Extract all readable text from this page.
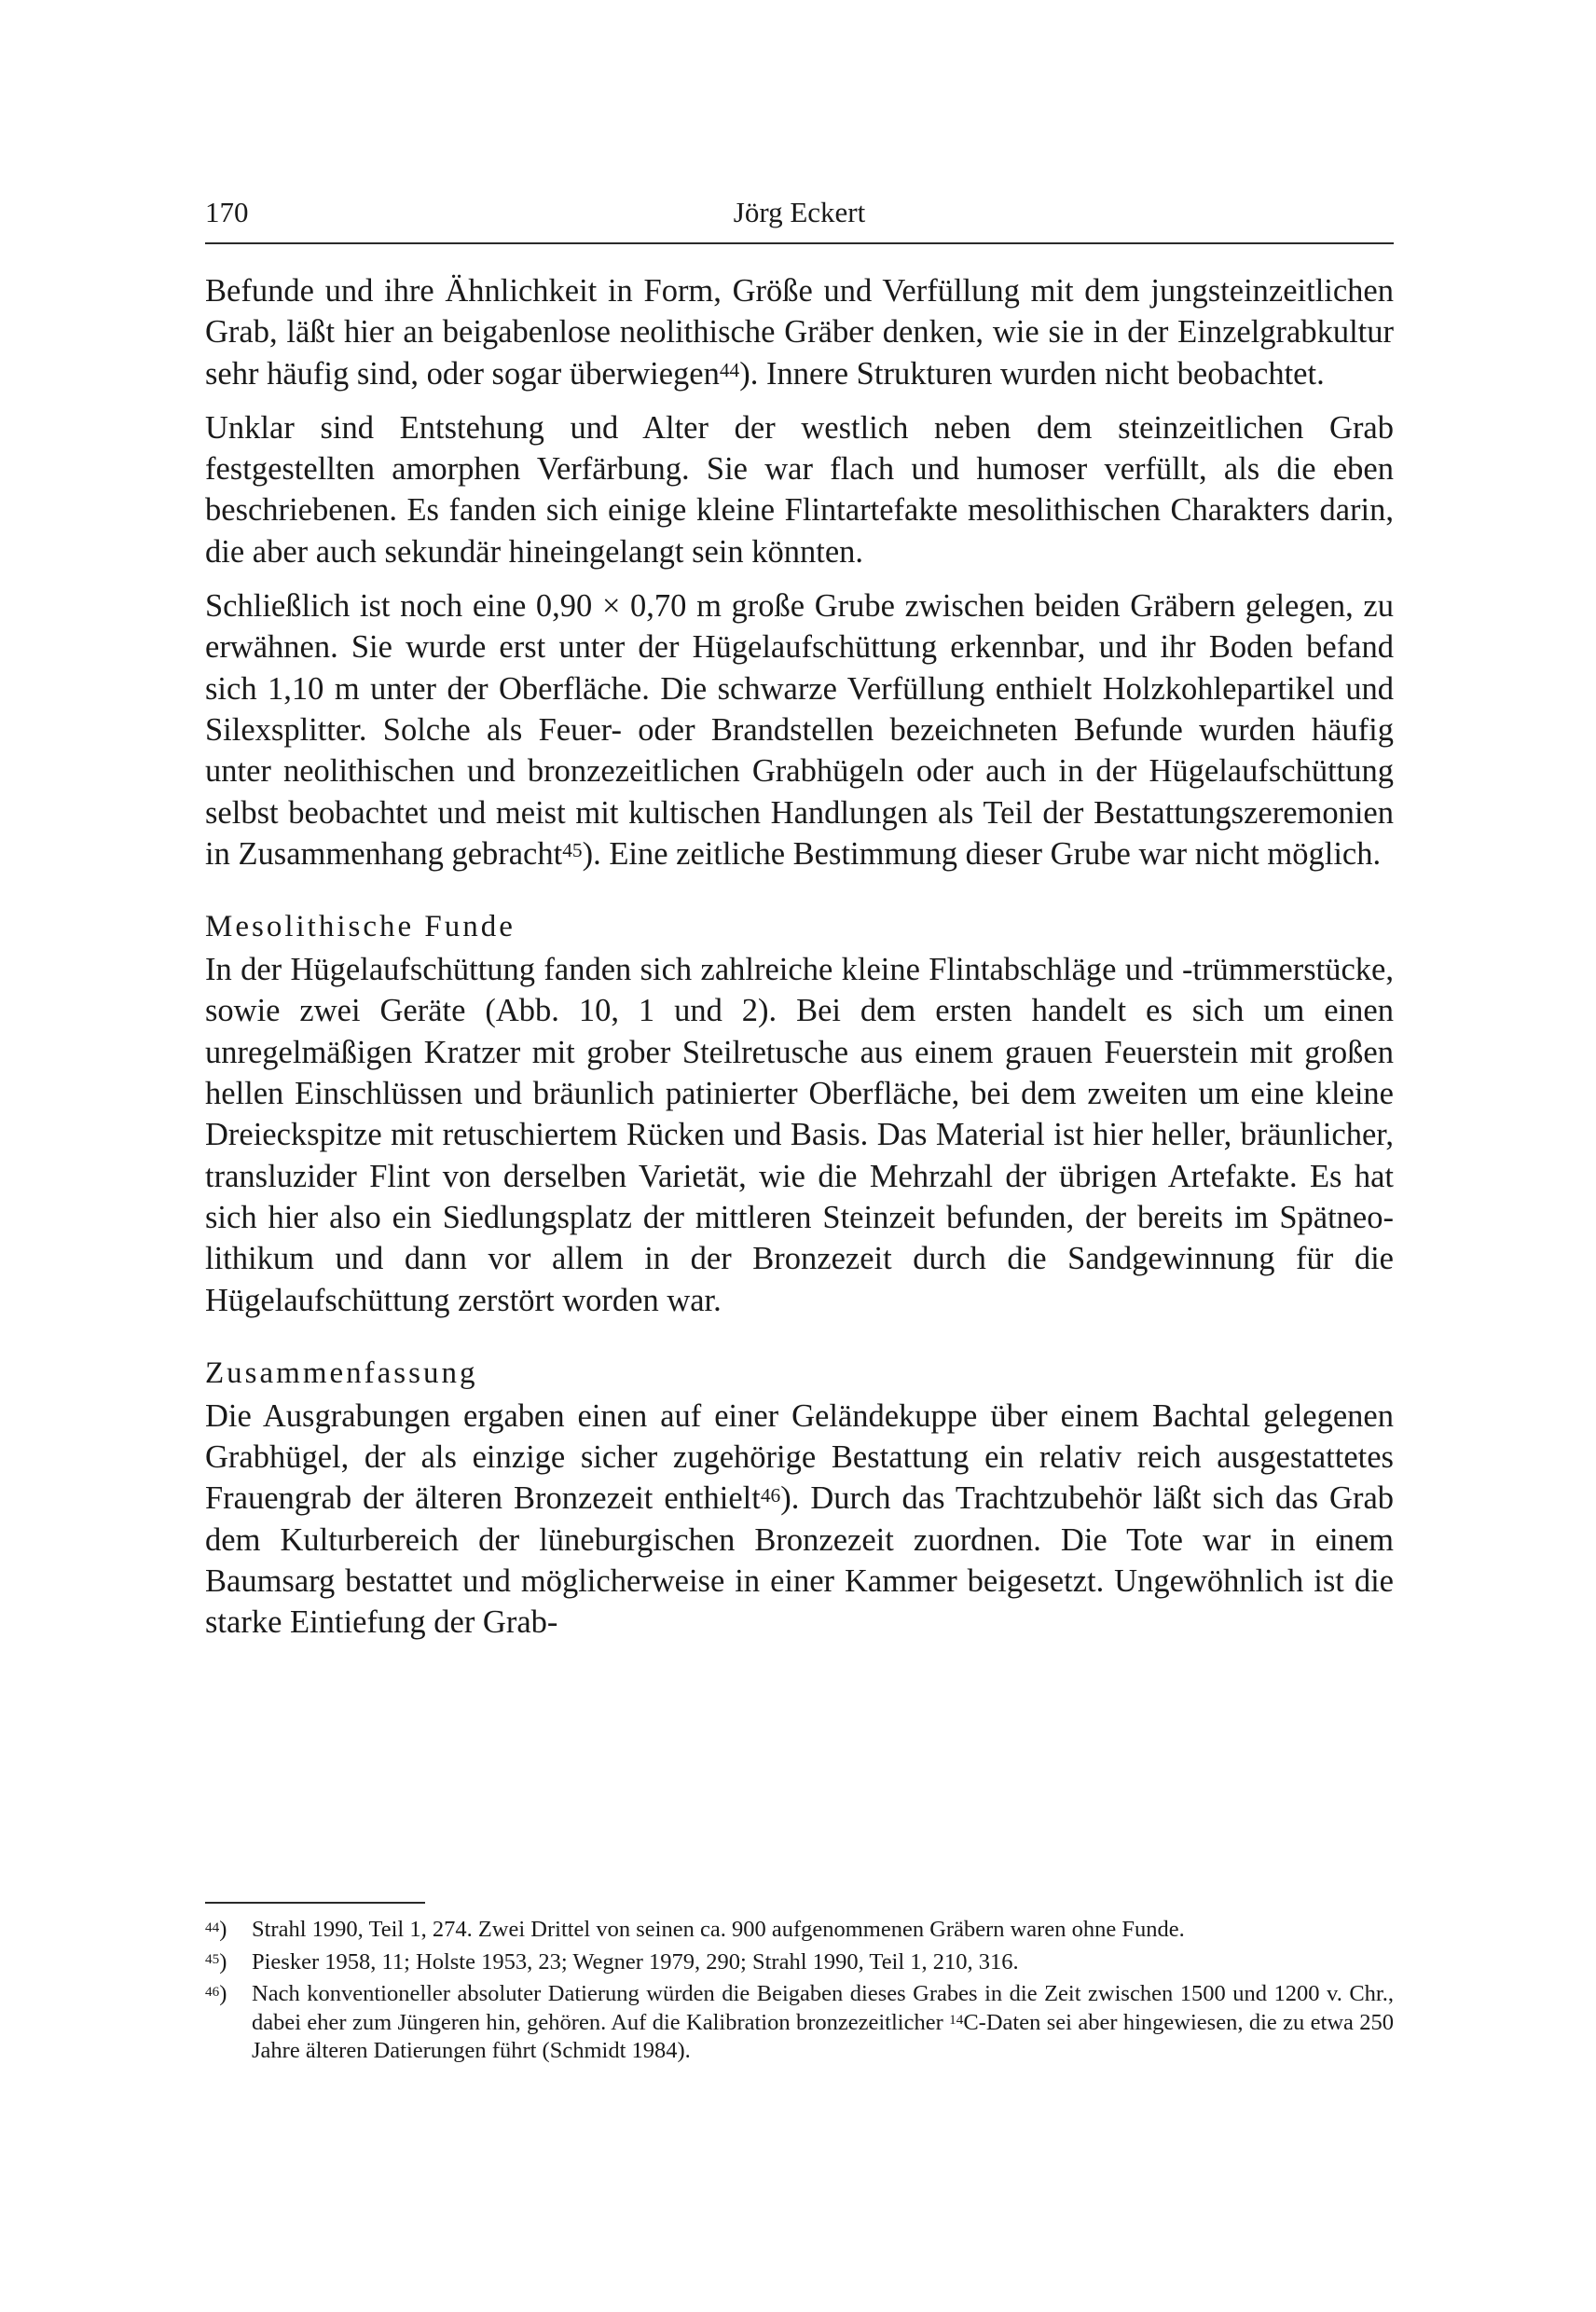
170	Jörg Eckert

Befunde und ihre Ähnlichkeit in Form, Größe und Verfüllung mit dem jungsteinzeitlichen Grab, läßt hier an beigabenlose neolithische Gräber denken, wie sie in der Einzelgrabkultur sehr häufig sind, oder sogar überwiegen$^{44}$). Innere Strukturen wurden nicht beobachtet.

Unklar sind Entstehung und Alter der westlich neben dem steinzeitlichen Grab festgestellten amorphen Verfärbung. Sie war flach und humoser verfüllt, als die eben beschriebenen. Es fanden sich einige kleine Flintartefakte mesolithischen Charakters darin, die aber auch sekundär hineingelangt sein könnten.

Schließlich ist noch eine 0,90 × 0,70 m große Grube zwischen beiden Gräbern gelegen, zu erwähnen. Sie wurde erst unter der Hügelaufschüttung erkennbar, und ihr Boden befand sich 1,10 m unter der Oberfläche. Die schwarze Verfüllung enthielt Holzkohlepartikel und Silexsplitter. Solche als Feuer- oder Brandstellen bezeichneten Befunde wurden häufig unter neolithischen und bronzezeitlichen Grabhügeln oder auch in der Hügelaufschüttung selbst beobachtet und meist mit kultischen Handlungen als Teil der Bestattungszeremonien in Zusammenhang gebracht$^{45}$). Eine zeitliche Bestimmung dieser Grube war nicht möglich.

Mesolithische Funde

In der Hügelaufschüttung fanden sich zahlreiche kleine Flintabschläge und -trümmerstücke, sowie zwei Geräte (Abb. 10, 1 und 2). Bei dem ersten handelt es sich um einen unregelmäßigen Kratzer mit grober Steilretusche aus einem grauen Feuerstein mit großen hellen Einschlüssen und bräunlich patinierter Oberfläche, bei dem zweiten um eine kleine Dreieckspitze mit retuschiertem Rücken und Basis. Das Material ist hier heller, bräunlicher, transluzider Flint von derselben Varietät, wie die Mehrzahl der übrigen Artefakte. Es hat sich hier also ein Siedlungsplatz der mittleren Steinzeit befunden, der bereits im Spätneolithikum und dann vor allem in der Bronzezeit durch die Sandgewinnung für die Hügelaufschüttung zerstört worden war.

Zusammenfassung

Die Ausgrabungen ergaben einen auf einer Geländekuppe über einem Bachtal gelegenen Grabhügel, der als einzige sicher zugehörige Bestattung ein relativ reich ausgestattetes Frauengrab der älteren Bronzezeit enthielt$^{46}$). Durch das Trachtzubehör läßt sich das Grab dem Kulturbereich der lüneburgischen Bronzezeit zuordnen. Die Tote war in einem Baumsarg bestattet und möglicherweise in einer Kammer beigesetzt. Ungewöhnlich ist die starke Eintiefung der Grab-

$^{44}$) Strahl 1990, Teil 1, 274. Zwei Drittel von seinen ca. 900 aufgenommenen Gräbern waren ohne Funde.
$^{45}$) Piesker 1958, 11; Holste 1953, 23; Wegner 1979, 290; Strahl 1990, Teil 1, 210, 316.
$^{46}$) Nach konventioneller absoluter Datierung würden die Beigaben dieses Grabes in die Zeit zwischen 1500 und 1200 v. Chr., dabei eher zum Jüngeren hin, gehören. Auf die Kalibration bronzezeitlicher $^{14}$C-Daten sei aber hingewiesen, die zu etwa 250 Jahre älteren Datierungen führt (Schmidt 1984).
